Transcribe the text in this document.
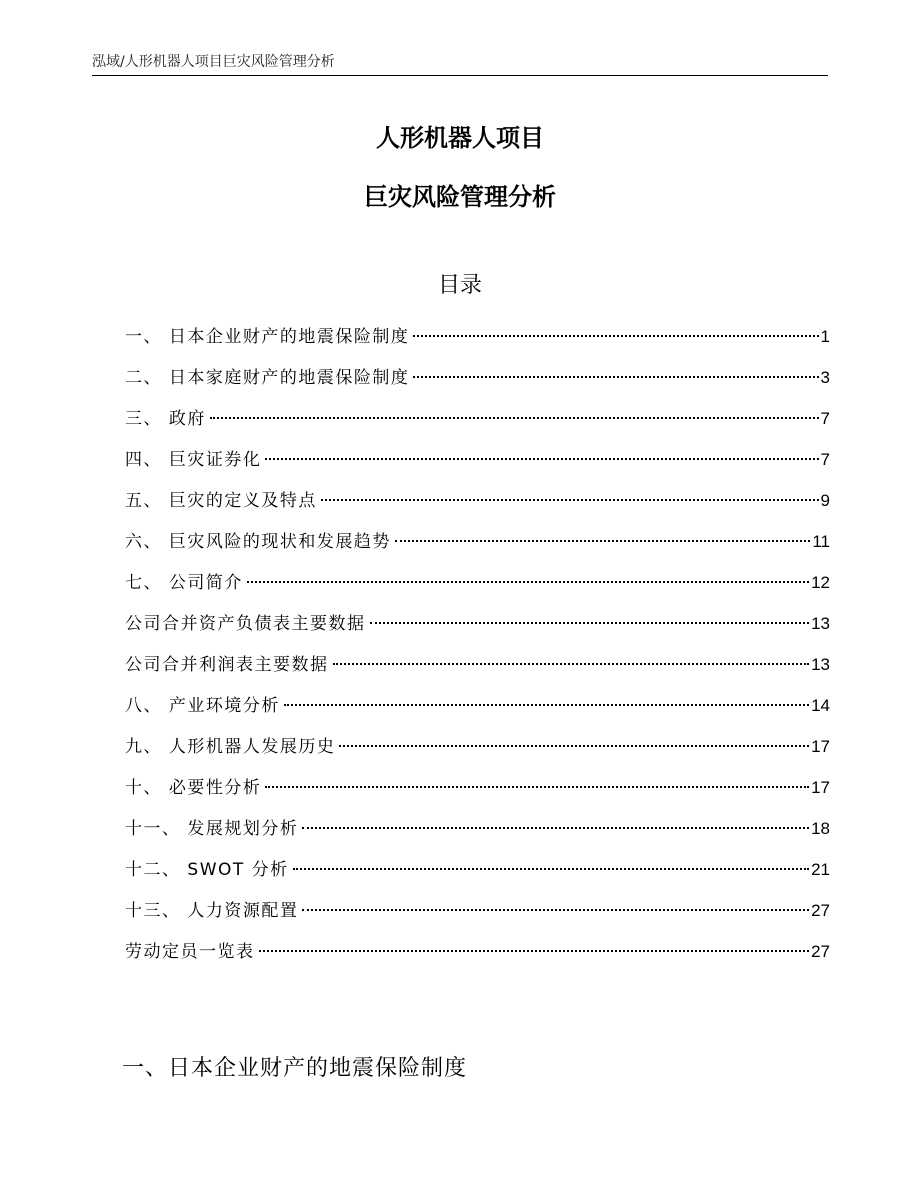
泓域/人形机器人项目巨灾风险管理分析
人形机器人项目
巨灾风险管理分析
目录
一、 日本企业财产的地震保险制度	1
二、 日本家庭财产的地震保险制度	3
三、 政府	7
四、 巨灾证券化	7
五、 巨灾的定义及特点	9
六、 巨灾风险的现状和发展趋势	11
七、 公司简介	12
公司合并资产负债表主要数据	13
公司合并利润表主要数据	13
八、 产业环境分析	14
九、 人形机器人发展历史	17
十、 必要性分析	17
十一、 发展规划分析	18
十二、 SWOT 分析	21
十三、 人力资源配置	27
劳动定员一览表	27
一、日本企业财产的地震保险制度
